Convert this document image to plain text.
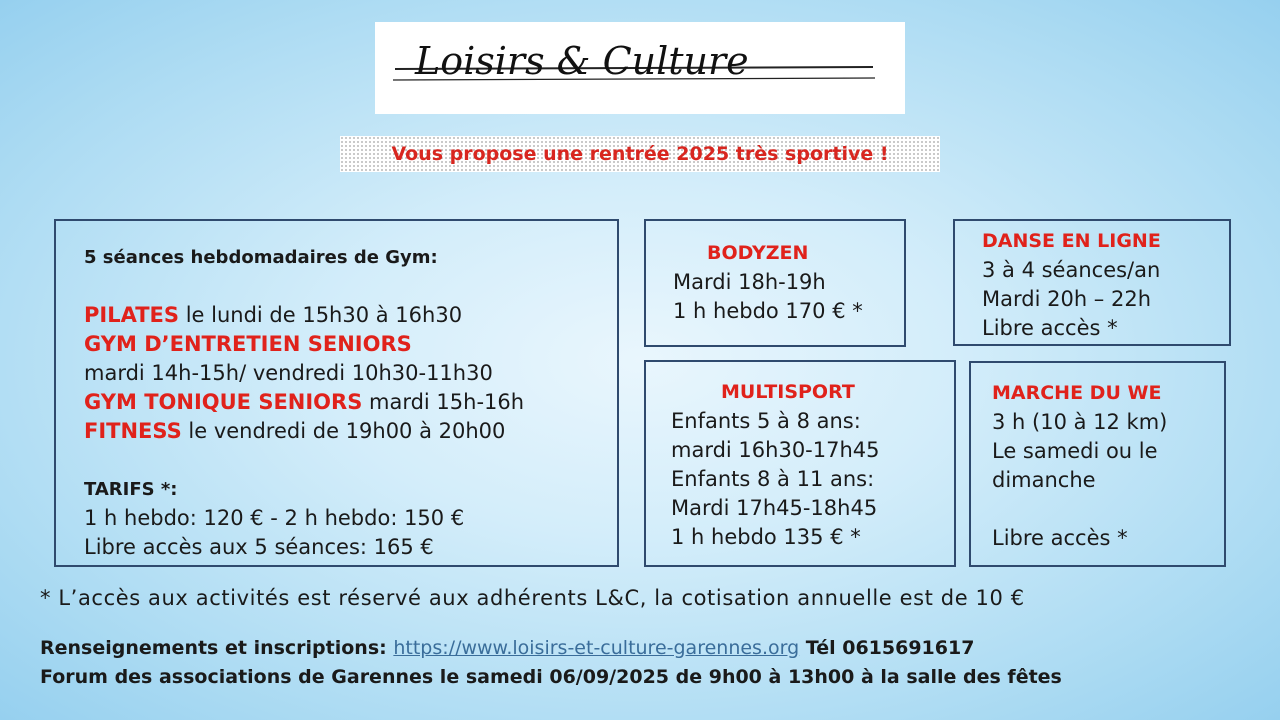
Loisirs & Culture
Vous propose une rentrée 2025 très sportive !
5 séances hebdomadaires de Gym:
PILATES le lundi de 15h30 à 16h30
GYM D’ENTRETIEN SENIORS
mardi 14h-15h/ vendredi 10h30-11h30
GYM TONIQUE SENIORS mardi 15h-16h
FITNESS le vendredi de 19h00 à 20h00
TARIFS *:
1 h hebdo: 120 € - 2 h hebdo: 150 €
Libre accès aux 5 séances: 165 €
BODYZEN
Mardi 18h-19h
1 h hebdo 170 € *
DANSE EN LIGNE
3 à 4 séances/an
Mardi 20h – 22h
Libre accès *
MULTISPORT
Enfants 5 à 8 ans:
mardi 16h30-17h45
Enfants 8 à 11 ans:
Mardi 17h45-18h45
1 h hebdo 135 € *
MARCHE DU WE
3 h (10 à 12 km)
Le samedi ou le
dimanche
Libre accès *
* L’accès aux activités est réservé aux adhérents L&C, la cotisation annuelle est de 10 €
Renseignements et inscriptions: https://www.loisirs-et-culture-garennes.org Tél 0615691617
Forum des associations de Garennes le samedi 06/09/2025 de 9h00 à 13h00 à la salle des fêtes
